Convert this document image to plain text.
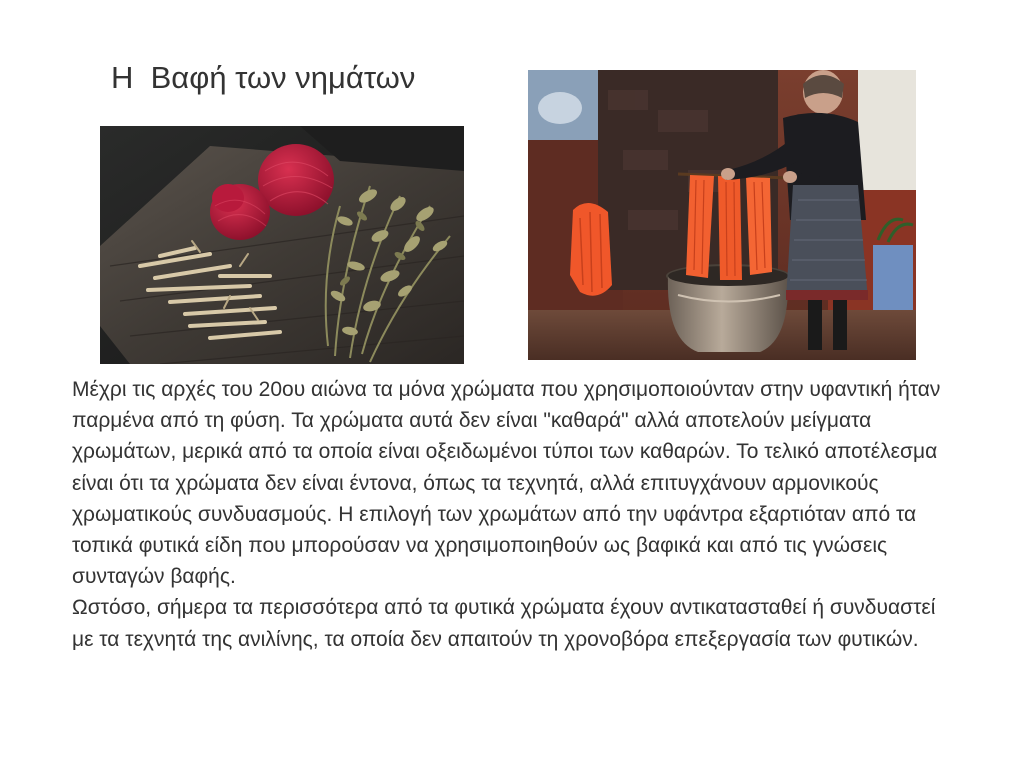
Η  Βαφή των νημάτων

Μέχρι τις αρχές του 20ου αιώνα τα μόνα χρώματα που χρησιμοποιούνταν στην υφαντική ήταν παρμένα από τη φύση. Τα χρώματα αυτά δεν είναι "καθαρά" αλλά αποτελούν μείγματα χρωμάτων, μερικά από τα οποία είναι οξειδωμένοι τύποι των καθαρών. Το τελικό αποτέλεσμα είναι ότι τα χρώματα δεν είναι έντονα, όπως τα τεχνητά, αλλά επιτυγχάνουν αρμονικούς χρωματικούς συνδυασμούς. Η επιλογή των χρωμάτων από την υφάντρα εξαρτιόταν από τα τοπικά φυτικά είδη που μπορούσαν να χρησιμοποιηθούν ως βαφικά και από τις γνώσεις συνταγών βαφής.

Ωστόσο, σήμερα τα περισσότερα από τα φυτικά χρώματα έχουν αντικατασταθεί ή συνδυαστεί με τα τεχνητά της ανιλίνης, τα οποία δεν απαιτούν τη χρονοβόρα επεξεργασία των φυτικών.
